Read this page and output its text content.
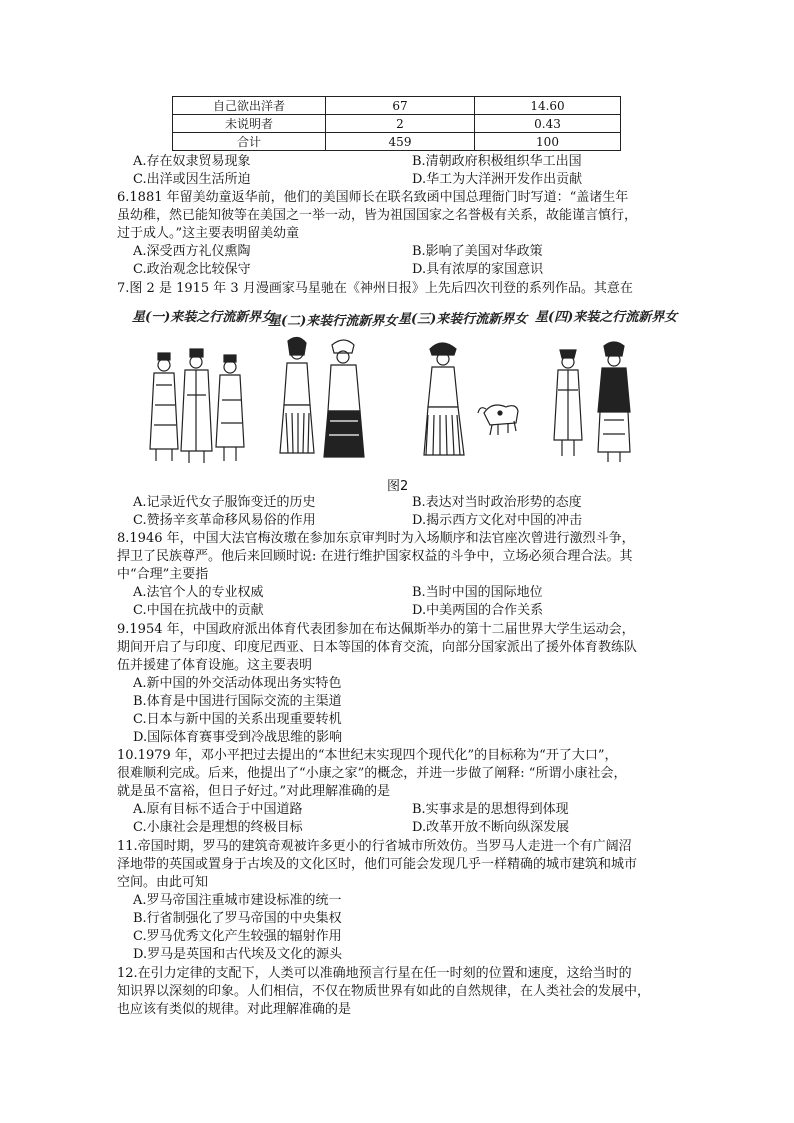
自己欲出洋者	67	14.60
未说明者	2	0.43
合计	459	100
A.存在奴隶贸易现象	B.清朝政府积极组织华工出国
C.出洋或因生活所迫	D.华工为大洋洲开发作出贡献
6.1881 年留美幼童返华前，他们的美国师长在联名致函中国总理衙门时写道：“盖诸生年
虽幼稚，然已能知彼等在美国之一举一动，皆为祖国国家之名誉极有关系，故能谨言慎行，
过于成人。”这主要表明留美幼童
A.深受西方礼仪熏陶	B.影响了美国对华政策
C.政治观念比较保守	D.具有浓厚的家国意识
7.图 2 是 1915 年 3 月漫画家马星驰在《神州日报》上先后四次刊登的系列作品。其意在
星(一)来装之行流新界女
星(二)来装行流新界女 星(三)来装行流新界女 星(四)来装之行流新界女
图2
A.记录近代女子服饰变迁的历史	B.表达对当时政治形势的态度
C.赞扬辛亥革命移风易俗的作用	D.揭示西方文化对中国的冲击
8.1946 年，中国大法官梅汝璈在参加东京审判时为入场顺序和法官座次曾进行激烈斗争，
捍卫了民族尊严。他后来回顾时说: 在进行维护国家权益的斗争中，立场必须合理合法。其
中“合理”主要指
A.法官个人的专业权威	B.当时中国的国际地位
C.中国在抗战中的贡献	D.中美两国的合作关系
9.1954 年，中国政府派出体育代表团参加在布达佩斯举办的第十二届世界大学生运动会，
期间开启了与印度、印度尼西亚、日本等国的体育交流，向部分国家派出了援外体育教练队
伍并援建了体育设施。这主要表明
A.新中国的外交活动体现出务实特色
B.体育是中国进行国际交流的主渠道
C.日本与新中国的关系出现重要转机
D.国际体育赛事受到冷战思维的影响
10.1979 年，邓小平把过去提出的“本世纪末实现四个现代化”的目标称为“开了大口”，
很难顺利完成。后来，他提出了“小康之家”的概念，并进一步做了阐释: “所谓小康社会，
就是虽不富裕，但日子好过。”对此理解准确的是
A.原有目标不适合于中国道路	B.实事求是的思想得到体现
C.小康社会是理想的终极目标	D.改革开放不断向纵深发展
11.帝国时期，罗马的建筑奇观被许多更小的行省城市所效仿。当罗马人走进一个有广阔沼
泽地带的英国或置身于古埃及的文化区时，他们可能会发现几乎一样精确的城市建筑和城市
空间。由此可知
A.罗马帝国注重城市建设标准的统一
B.行省制强化了罗马帝国的中央集权
C.罗马优秀文化产生较强的辐射作用
D.罗马是英国和古代埃及文化的源头
12.在引力定律的支配下，人类可以准确地预言行星在任一时刻的位置和速度，这给当时的
知识界以深刻的印象。人们相信，不仅在物质世界有如此的自然规律，在人类社会的发展中，
也应该有类似的规律。对此理解准确的是
